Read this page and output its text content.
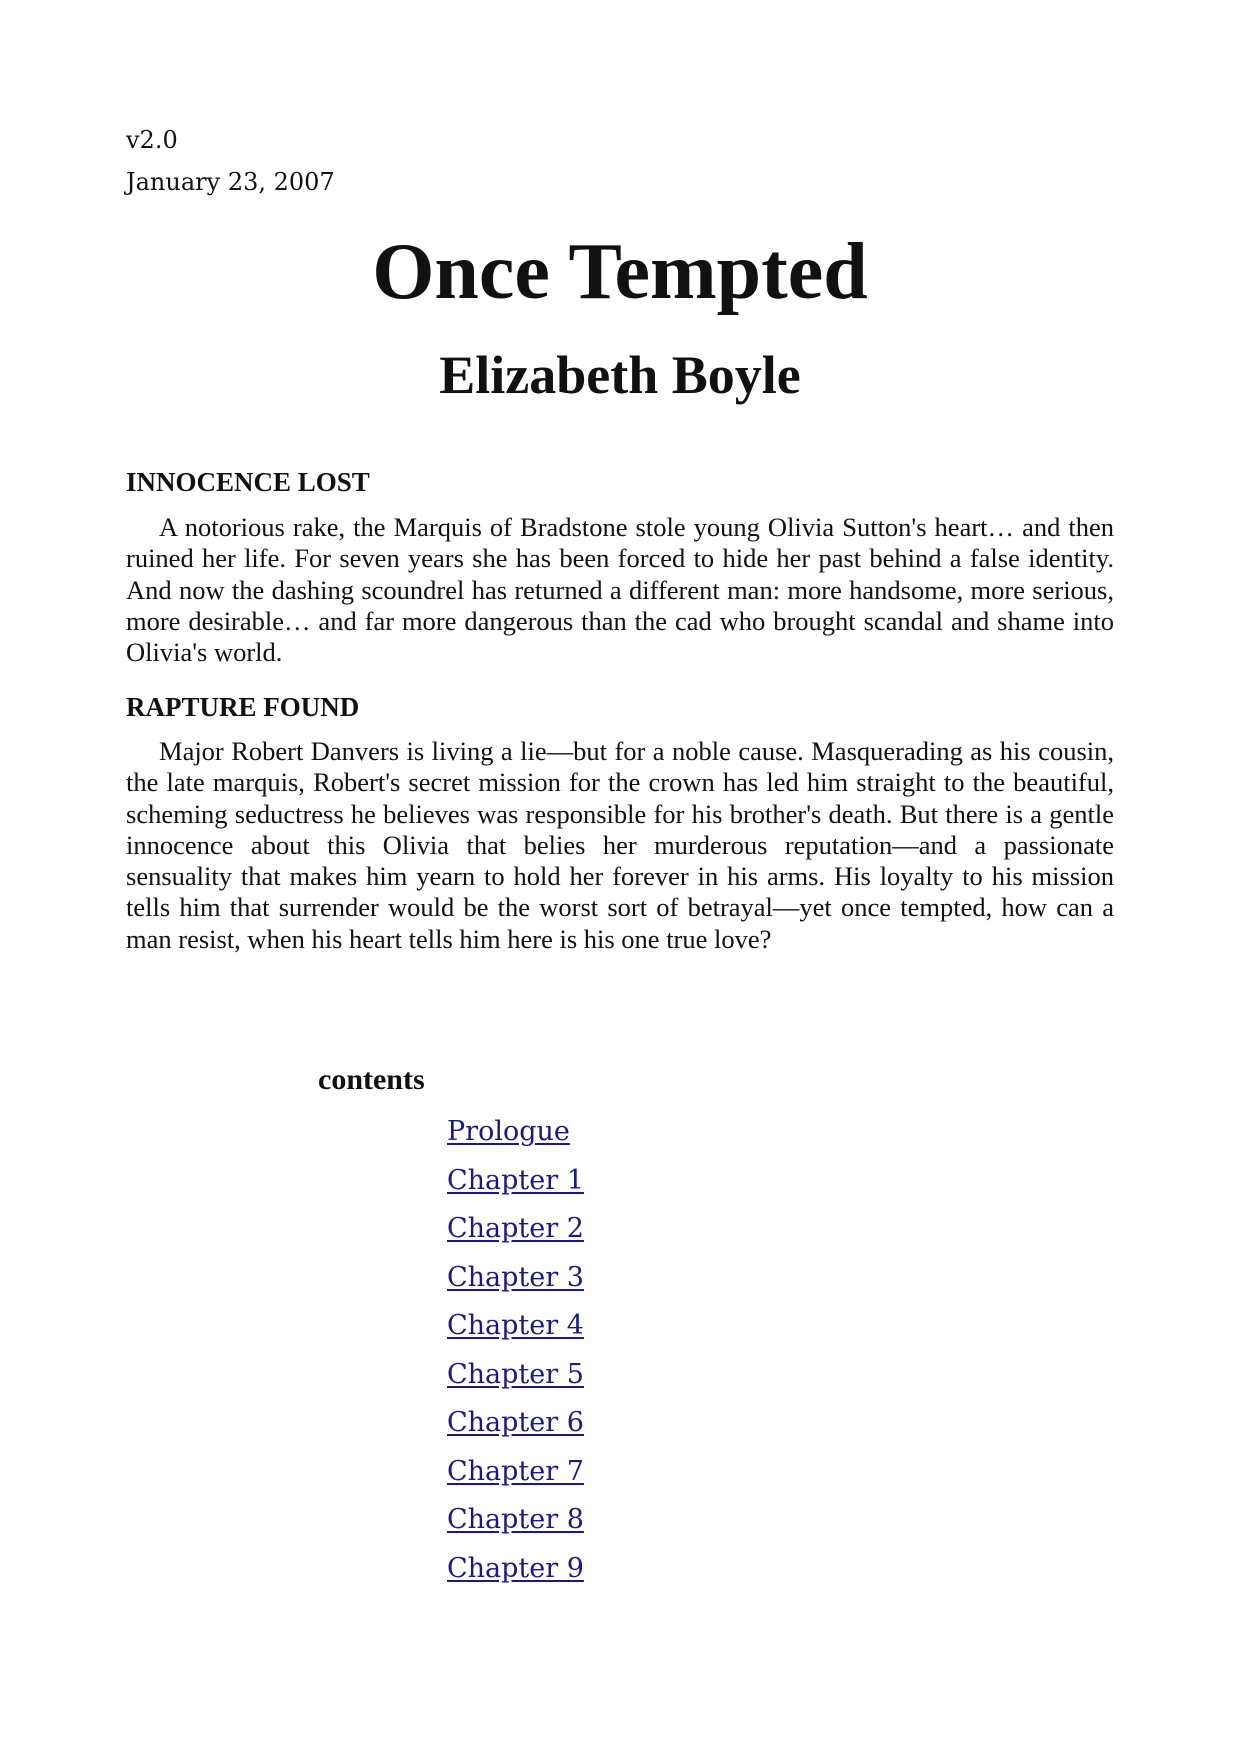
v2.0
January 23, 2007
Once Tempted
Elizabeth Boyle
INNOCENCE LOST

A notorious rake, the Marquis of Bradstone stole young Olivia Sutton's heart… and then ruined her life. For seven years she has been forced to hide her past behind a false identity. And now the dashing scoundrel has returned a different man: more handsome, more serious, more desirable… and far more dangerous than the cad who brought scandal and shame into Olivia's world.

RAPTURE FOUND

Major Robert Danvers is living a lie—but for a noble cause. Masquerading as his cousin, the late marquis, Robert's secret mission for the crown has led him straight to the beautiful, scheming seductress he believes was responsible for his brother's death. But there is a gentle innocence about this Olivia that belies her murderous reputation—and a passionate sensuality that makes him yearn to hold her forever in his arms. His loyalty to his mission tells him that surrender would be the worst sort of betrayal—yet once tempted, how can a man resist, when his heart tells him here is his one true love?

contents
Prologue
Chapter 1
Chapter 2
Chapter 3
Chapter 4
Chapter 5
Chapter 6
Chapter 7
Chapter 8
Chapter 9
